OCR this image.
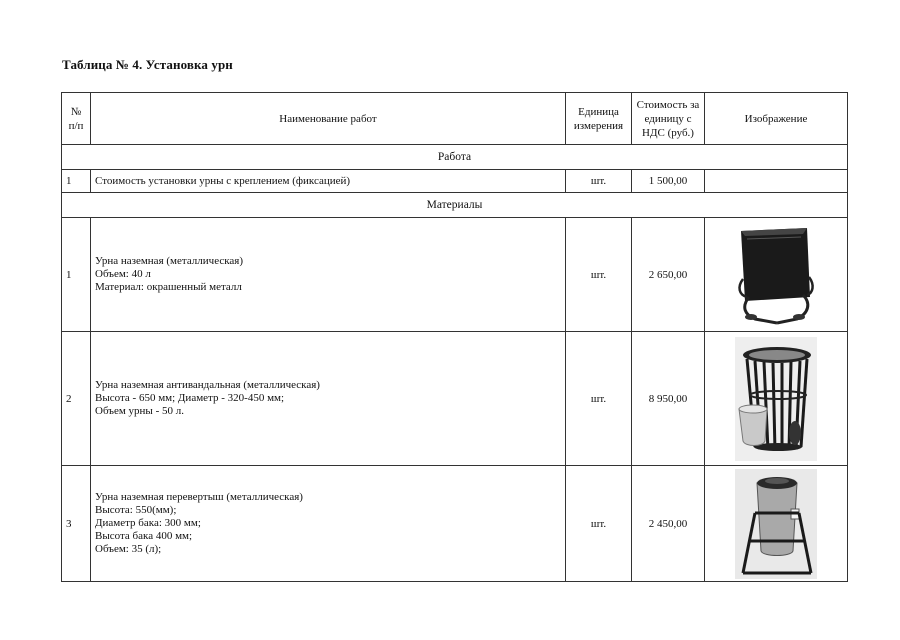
Таблица № 4. Установка урн
№ п/п	Наименование работ	Единица измерения	Стоимость за единицу с НДС (руб.)	Изображение
Работа				
1	Стоимость установки урны с креплением (фиксацией)	шт.	1 500,00	
Материалы				
1	Урна наземная (металлическая)
Объем: 40 л
Материал: окрашенный металл	шт.	2 650,00	

2	Урна наземная антивандальная (металлическая)
Высота - 650 мм; Диаметр - 320-450 мм;
Объем урны - 50 л.	шт.	8 950,00	

3	Урна наземная перевертыш (металлическая)
Высота: 550(мм);
Диаметр бака: 300 мм;
Высота бака 400 мм;
Объем: 35 (л);	шт.	2 450,00	
